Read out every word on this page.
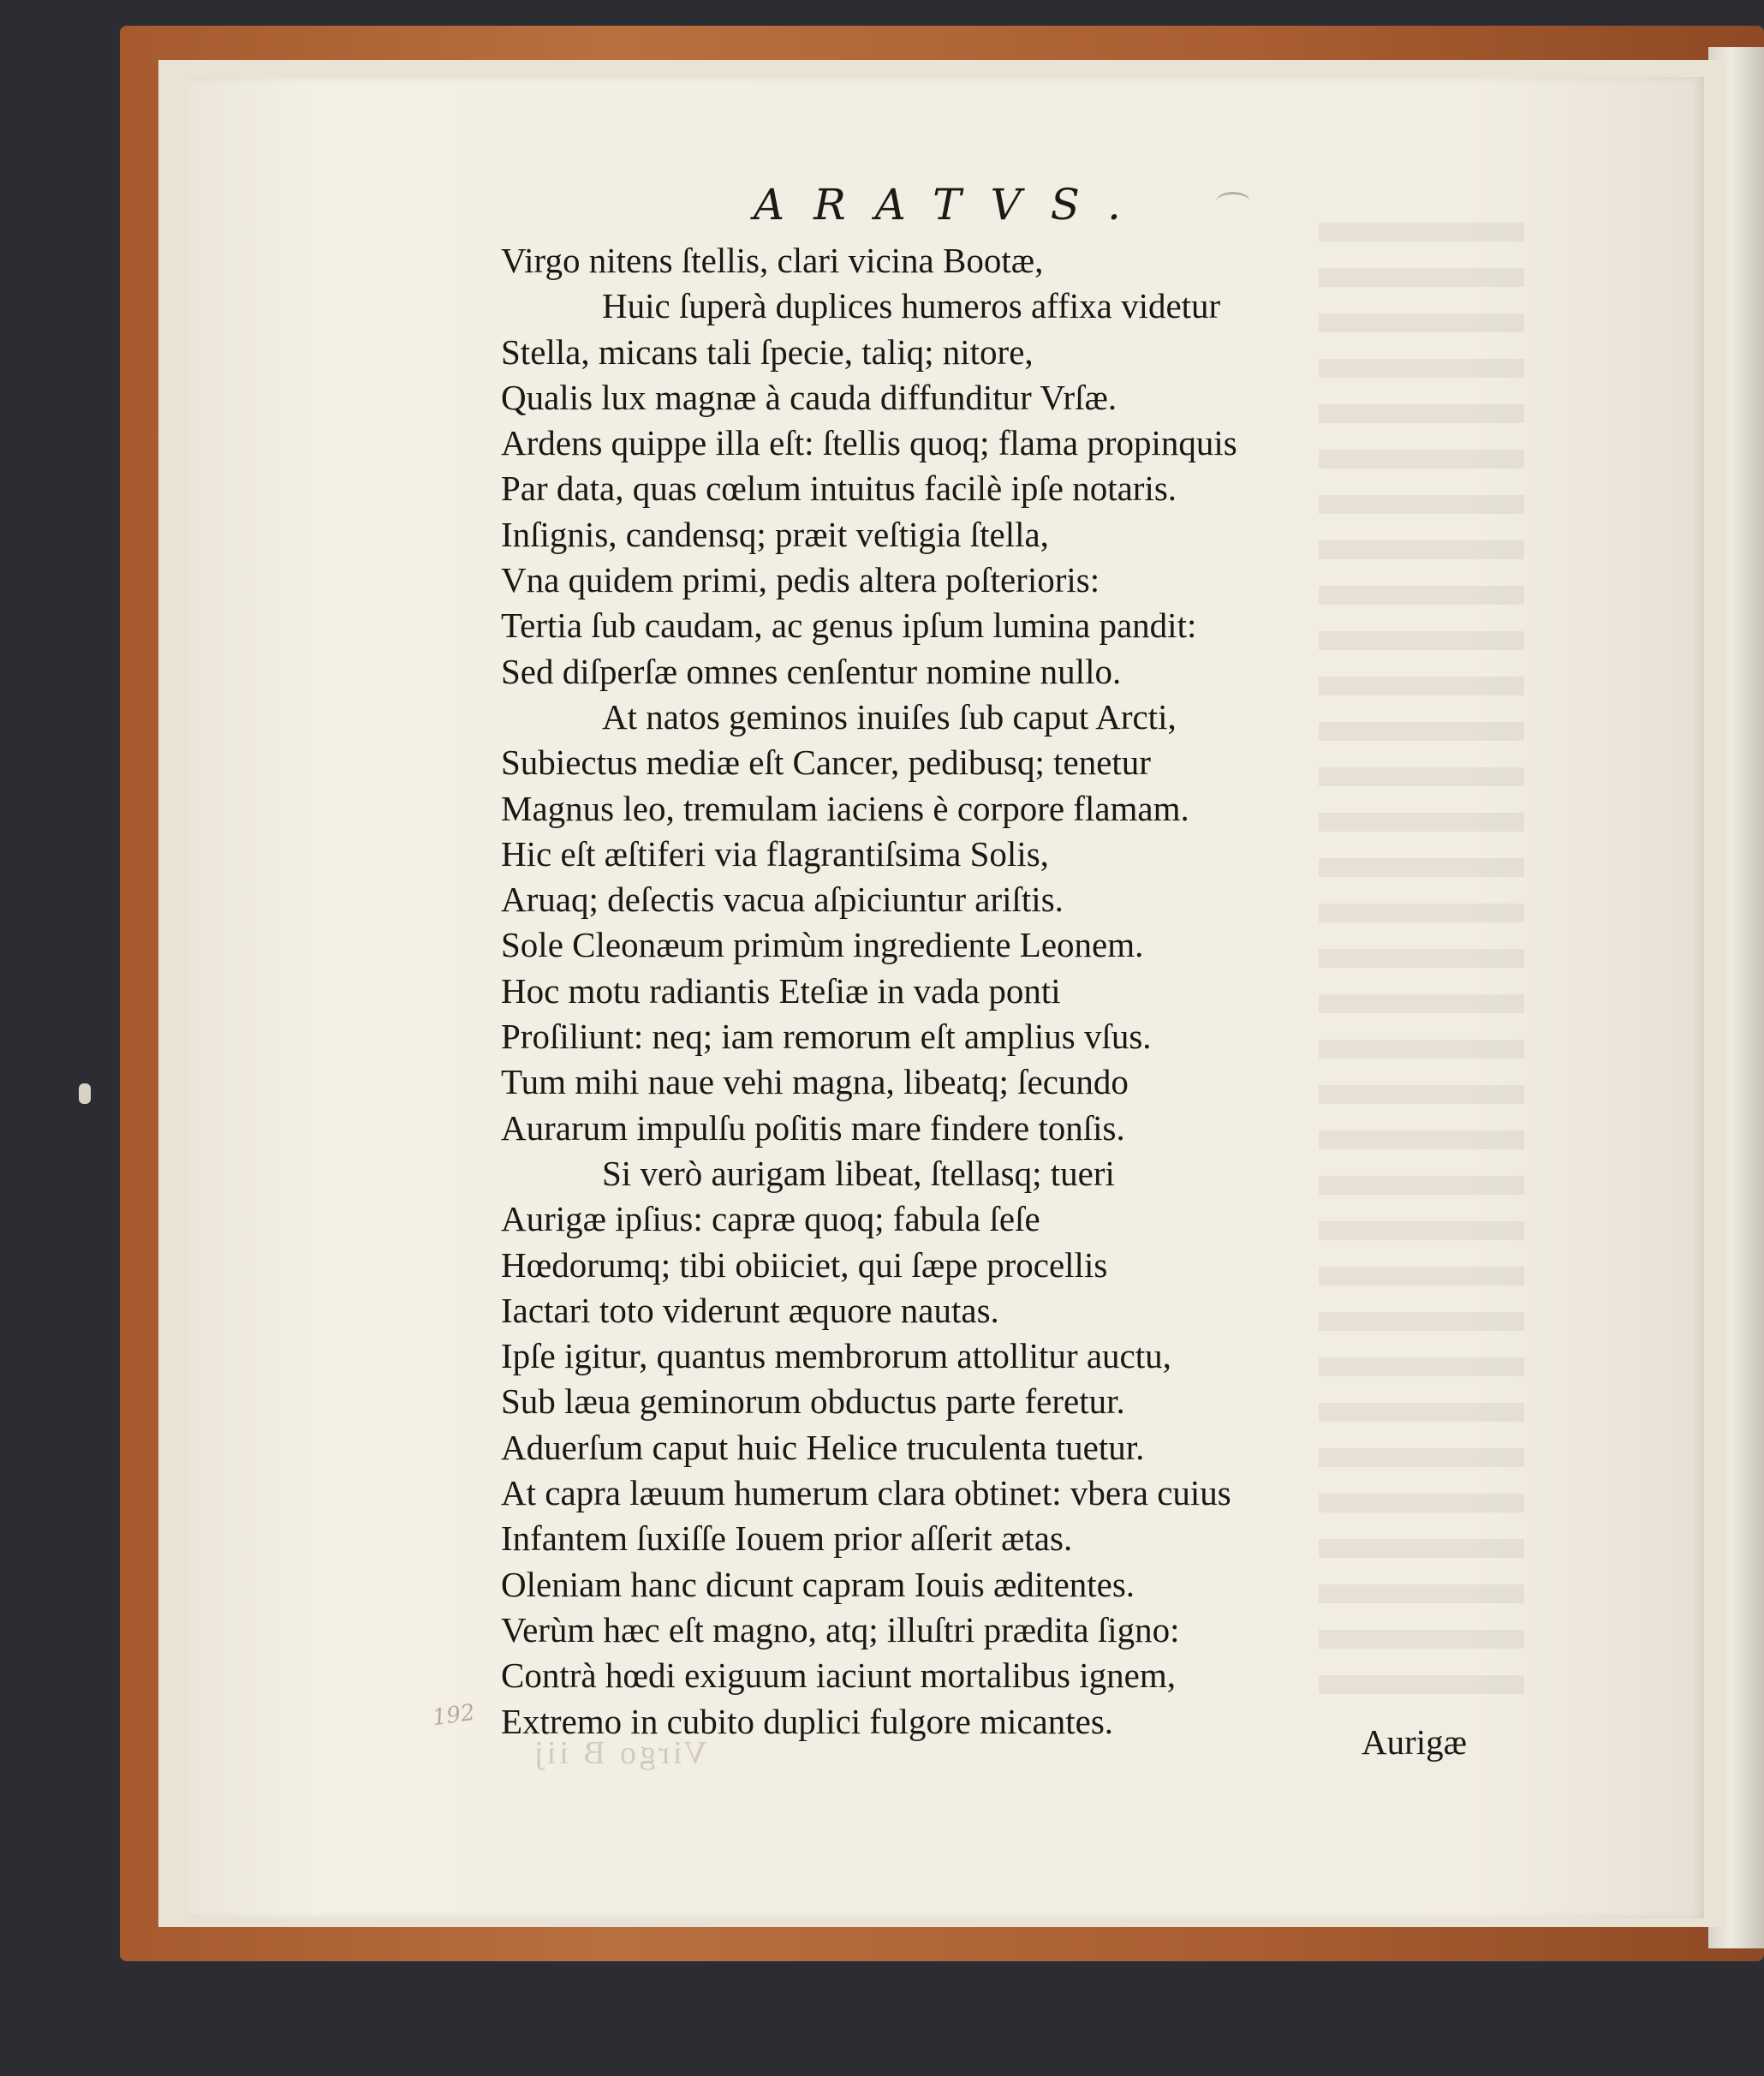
ARATVS.
Virgo nitens ſtellis, clari vicina Bootæ,
Huic ſuperà duplices humeros affixa videtur
Stella, micans tali ſpecie, taliq; nitore,
Qualis lux magnæ à cauda diffunditur Vrſæ.
Ardens quippe illa eſt: ſtellis quoq; flama propinquis
Par data, quas cœlum intuitus facilè ipſe notaris.
Inſignis, candensq; præit veſtigia ſtella,
Vna quidem primi, pedis altera poſterioris:
Tertia ſub caudam, ac genus ipſum lumina pandit:
Sed diſperſæ omnes cenſentur nomine nullo.
At natos geminos inuiſes ſub caput Arcti,
Subiectus mediæ eſt Cancer, pedibusq; tenetur
Magnus leo, tremulam iaciens è corpore flamam.
Hic eſt æſtiferi via flagrantiſsima Solis,
Aruaq; deſectis vacua aſpiciuntur ariſtis.
Sole Cleonæum primùm ingrediente Leonem.
Hoc motu radiantis Eteſiæ in vada ponti
Proſiliunt: neq; iam remorum eſt amplius vſus.
Tum mihi naue vehi magna, libeatq; ſecundo
Aurarum impulſu poſitis mare findere tonſis.
Si verò aurigam libeat, ſtellasq; tueri
Aurigæ ipſius: capræ quoq; fabula ſeſe
Hœdorumq; tibi obiiciet, qui ſæpe procellis
Iactari toto viderunt æquore nautas.
Ipſe igitur, quantus membrorum attollitur auctu,
Sub læua geminorum obductus parte feretur.
Aduerſum caput huic Helice truculenta tuetur.
At capra læuum humerum clara obtinet: vbera cuius
Infantem ſuxiſſe Iouem prior aſſerit ætas.
Oleniam hanc dicunt capram Iouis æditentes.
Verùm hæc eſt magno, atq; illuſtri prædita ſigno:
Contrà hœdi exiguum iaciunt mortalibus ignem,
Extremo in cubito duplici fulgore micantes.
192
Virgo B iij	Aurigæ
